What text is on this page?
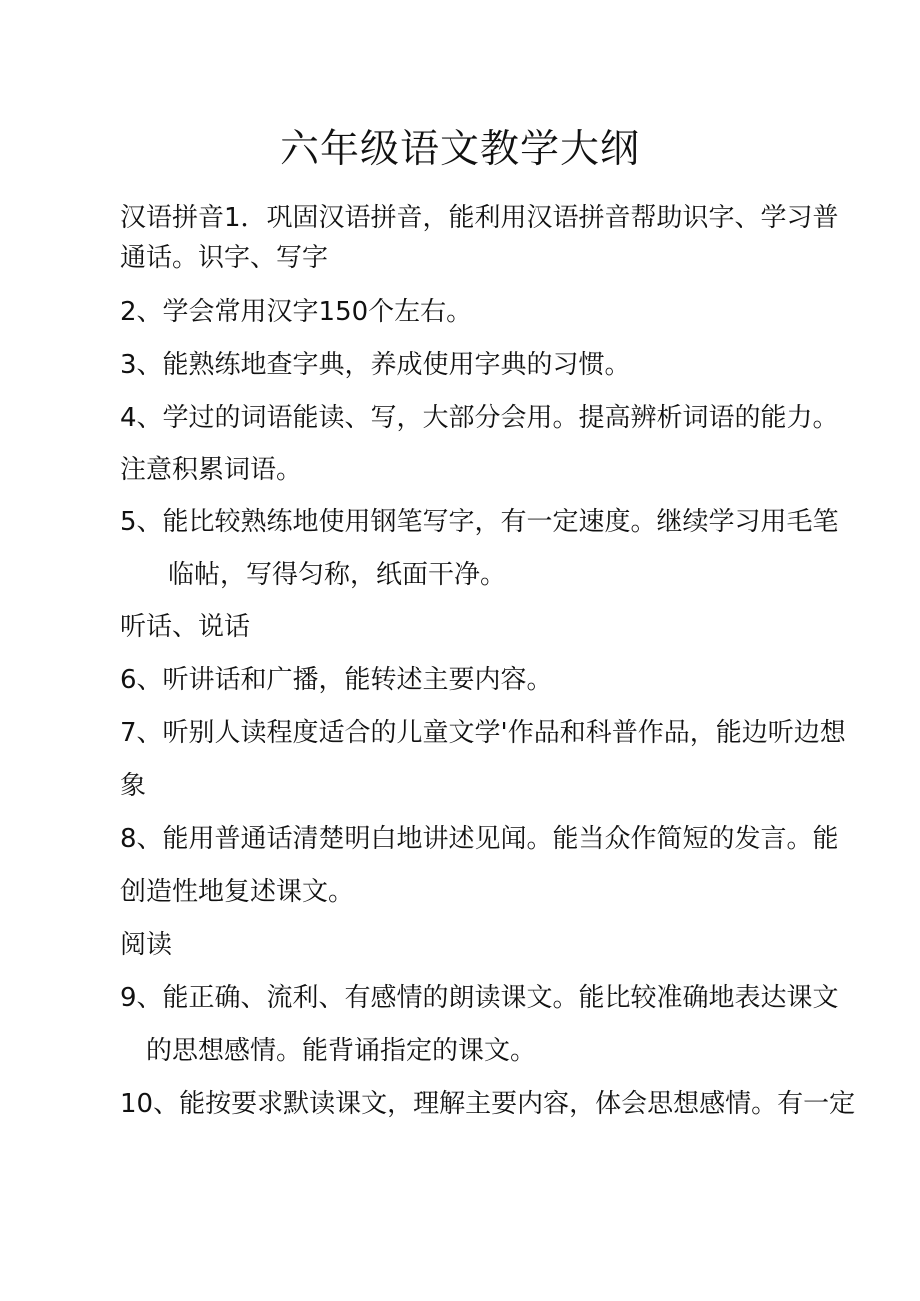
六年级语文教学大纲
汉语拼音1．巩固汉语拼音，能利用汉语拼音帮助识字、学习普
通话。识字、写字
2、学会常用汉字150个左右。
3、能熟练地查字典，养成使用字典的习惯。
4、学过的词语能读、写，大部分会用。提高辨析词语的能力。
注意积累词语。
5、能比较熟练地使用钢笔写字，有一定速度。继续学习用毛笔
临帖，写得匀称，纸面干净。
听话、说话
6、听讲话和广播，能转述主要内容。
7、听别人读程度适合的儿童文学'作品和科普作品，能边听边想
象
8、能用普通话清楚明白地讲述见闻。能当众作简短的发言。能
创造性地复述课文。
阅读
9、能正确、流利、有感情的朗读课文。能比较准确地表达课文
的思想感情。能背诵指定的课文。
10、能按要求默读课文，理解主要内容，体会思想感情。有一定
